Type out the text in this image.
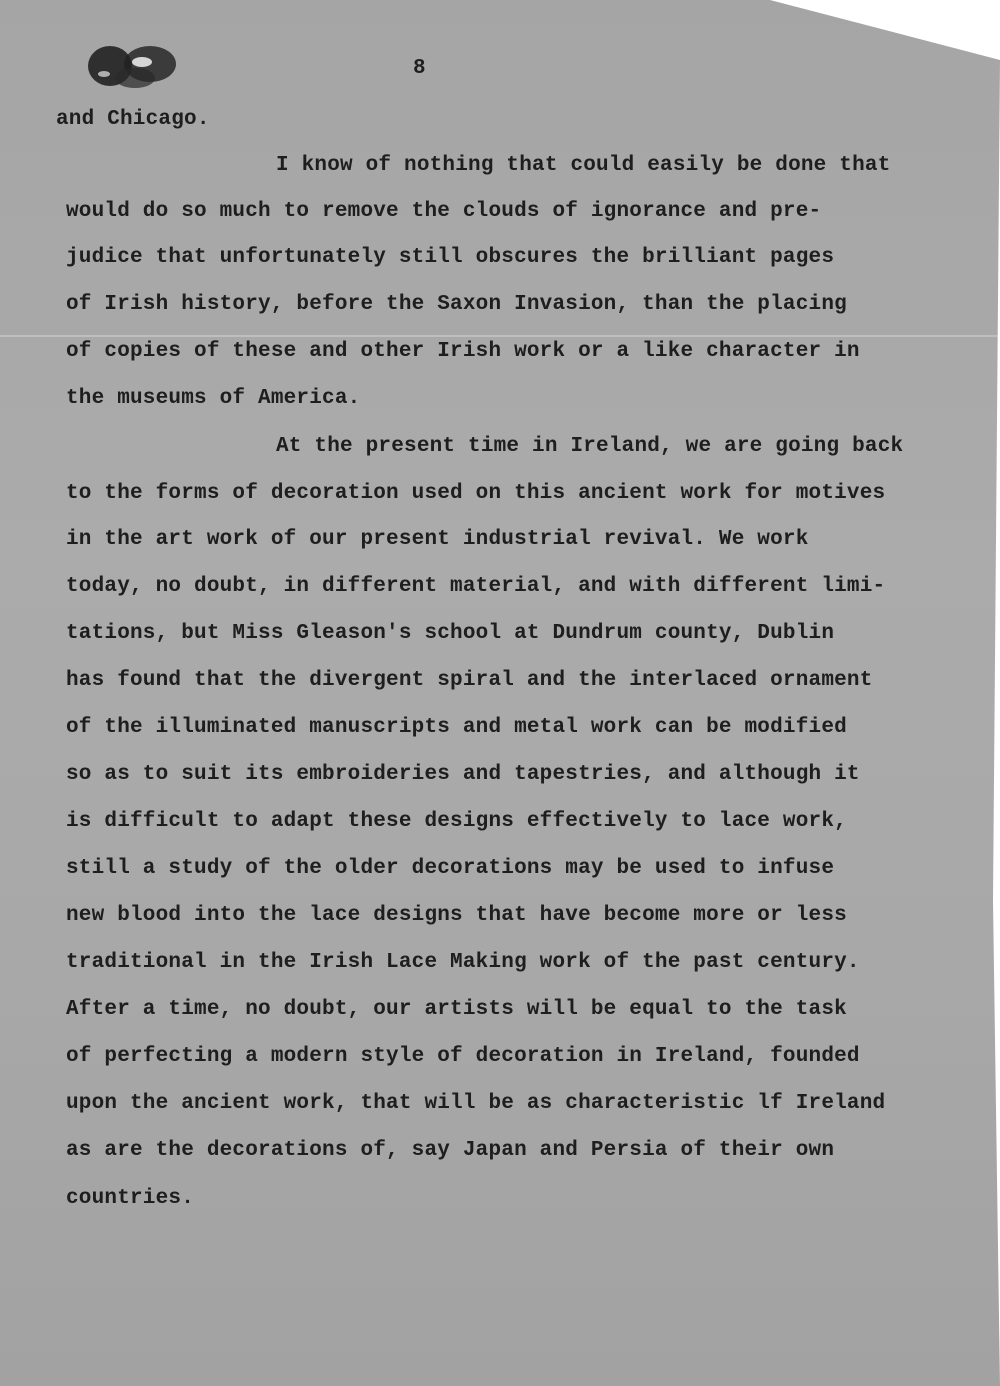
8
and Chicago.
I know of nothing that could easily be done that
would do so much to remove the clouds of ignorance and pre-
judice that unfortunately still obscures the brilliant pages
of Irish history, before the Saxon Invasion, than the placing
of copies of these and other Irish work or a like character in
the museums of America.
At the present time in Ireland, we are going back
to the forms of decoration used on this ancient work for motives
in the art work of our present industrial revival. We work
today, no doubt, in different material, and with different limi-
tations, but Miss Gleason's school at Dundrum county, Dublin
has found that the divergent spiral and the interlaced ornament
of the illuminated manuscripts and metal work can be modified
so as to suit its embroideries and tapestries, and although it
is difficult to adapt these designs effectively to lace work,
still a study of the older decorations may be used to infuse
new blood into the lace designs that have become more or less
traditional in the Irish Lace Making work of the past century.
After a time, no doubt, our artists will be equal to the task
of perfecting a modern style of decoration in Ireland, founded
upon the ancient work, that will be as characteristic lf Ireland
as are the decorations of, say Japan and Persia of their own
countries.
